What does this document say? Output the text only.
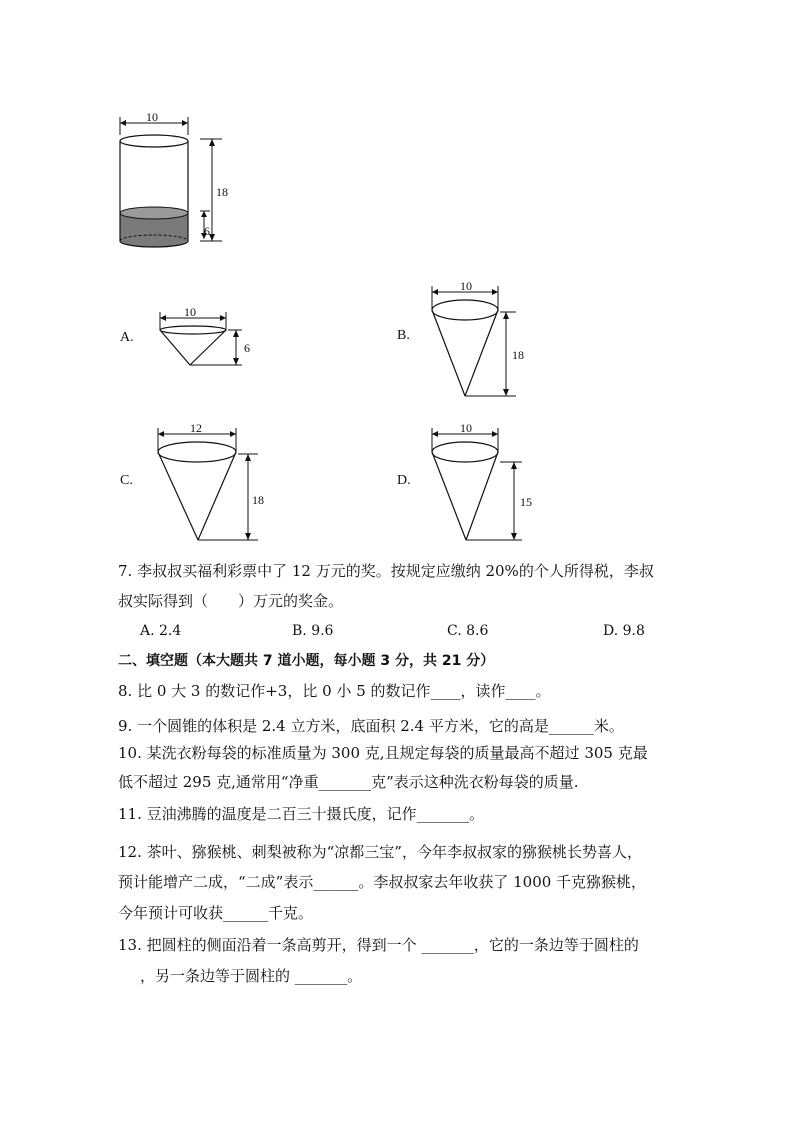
10
18
6
A.
10
6
B.
10
18
C.
12
18
D.
10
15
7. 李叔叔买福利彩票中了 12 万元的奖。按规定应缴纳 20%的个人所得税，李叔
叔实际得到（　　）万元的奖金。
A. 2.4	B. 9.6	C. 8.6	D. 9.8
二、填空题（本大题共 7 道小题，每小题 3 分，共 21 分）
8. 比 0 大 3 的数记作+3，比 0 小 5 的数记作____，读作____。
9. 一个圆锥的体积是 2.4 立方米，底面积 2.4 平方米，它的高是______米。
10. 某洗衣粉每袋的标准质量为 300 克,且规定每袋的质量最高不超过 305 克最
低不超过 295 克,通常用“净重_______克”表示这种洗衣粉每袋的质量.
11. 豆油沸腾的温度是二百三十摄氏度，记作_______。
12. 茶叶、猕猴桃、刺梨被称为“凉都三宝”，今年李叔叔家的猕猴桃长势喜人，
预计能增产二成，“二成”表示______。李叔叔家去年收获了 1000 千克猕猴桃，
今年预计可收获______千克。
13. 把圆柱的侧面沿着一条高剪开，得到一个 _______，它的一条边等于圆柱的
，另一条边等于圆柱的 _______。
